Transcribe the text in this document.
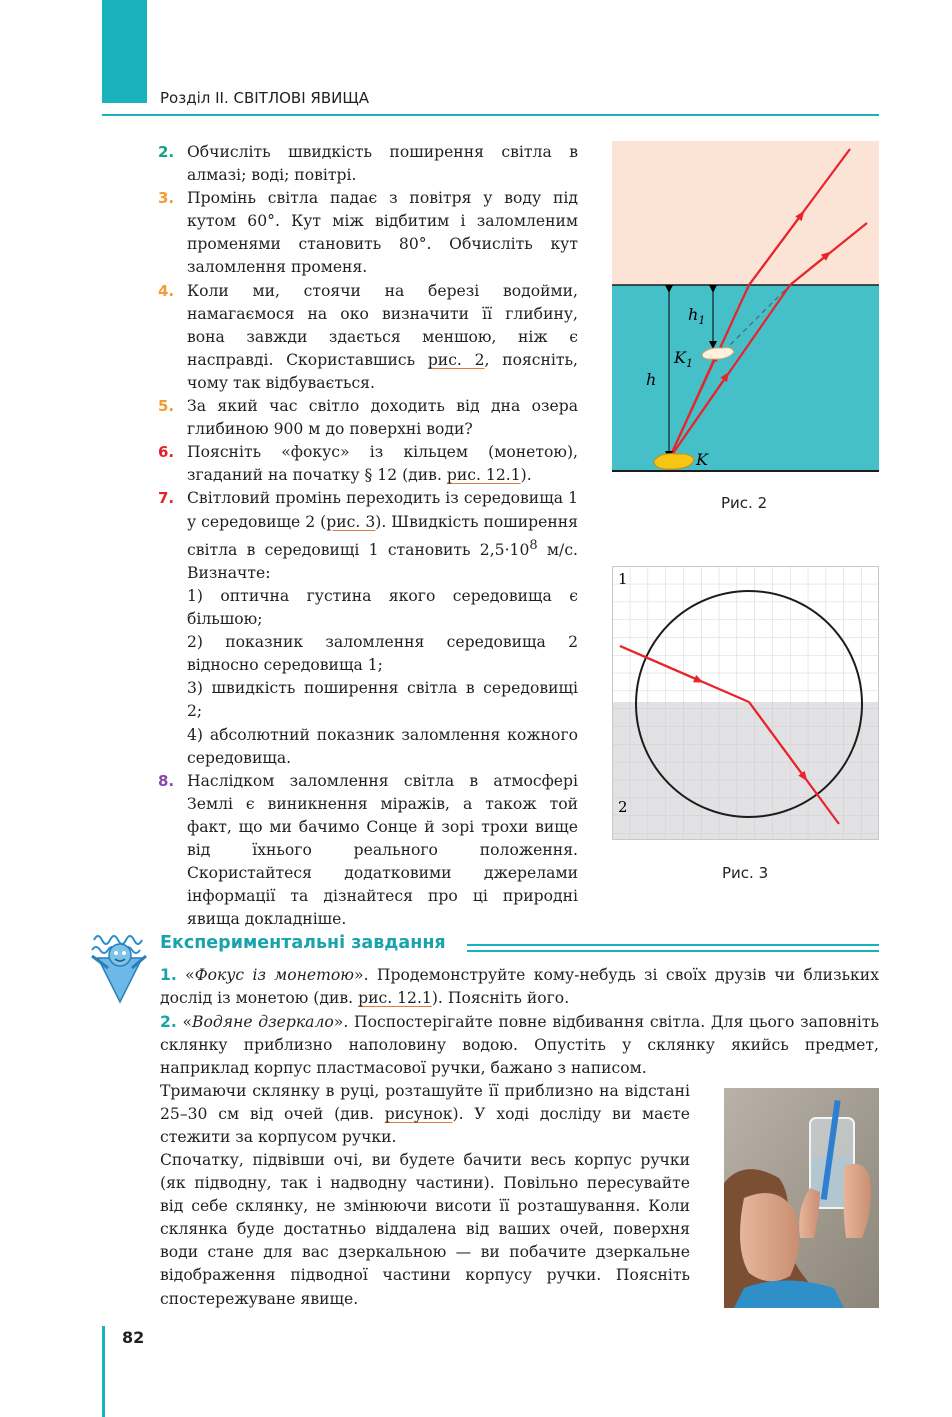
Розділ II. СВІТЛОВІ ЯВИЩА
2. Обчисліть швидкість поширення світла в алмазі; воді; повітрі.
3. Промінь світла падає з повітря у воду під кутом 60°. Кут між відбитим і заломленим променями становить 80°. Обчисліть кут заломлення променя.
4. Коли ми, стоячи на березі водойми, намагаємося на око визначити її глибину, вона завжди здається меншою, ніж є насправді. Скориставшись рис. 2, поясніть, чому так відбувається.
5. За який час світло доходить від дна озера глибиною 900 м до поверхні води?
6. Поясніть «фокус» із кільцем (монетою), згаданий на початку § 12 (див. рис. 12.1).
7. Світловий промінь переходить із середовища 1 у середовище 2 (рис. 3). Швидкість поширення світла в середовищі 1 становить $2,5\cdot 10^8$ м/с. Визначте:
1) оптична густина якого середовища є більшою;
2) показник заломлення середовища 2 відносно середовища 1;
3) швидкість поширення світла в середовищі 2;
4) абсолютний показник заломлення кожного середовища.
8. Наслідком заломлення світла в атмосфері Землі є виникнення міражів, а також той факт, що ми бачимо Сонце й зорі трохи вище від їхнього реального положення. Скористайтеся додатковими джерелами інформації та дізнайтеся про ці природні явища докладніше.
h
$h_1$
$K_1$
K
Рис. 2
1
2
Рис. 3
Експериментальні завдання

1. «Фокус із монетою». Продемонструйте кому-небудь зі своїх друзів чи близьких дослід із монетою (див. рис. 12.1). Поясніть його.

2. «Водяне дзеркало». Поспостерігайте повне відбивання світла. Для цього заповніть склянку приблизно наполовину водою. Опустіть у склянку якийсь предмет, наприклад корпус пластмасової ручки, бажано з написом.

Тримаючи склянку в руці, розташуйте її приблизно на відстані 25–30 см від очей (див. рисунок). У ході досліду ви маєте стежити за корпусом ручки.

Спочатку, підвівши очі, ви будете бачити весь корпус ручки (як підводну, так і надводну частини). Повільно пересувайте від себе склянку, не змінюючи висоти її розташування. Коли склянка буде достатньо віддалена від ваших очей, поверхня води стане для вас дзеркальною — ви побачите дзеркальне відображення підводної частини корпусу ручки. Поясніть спостережуване явище.

82
